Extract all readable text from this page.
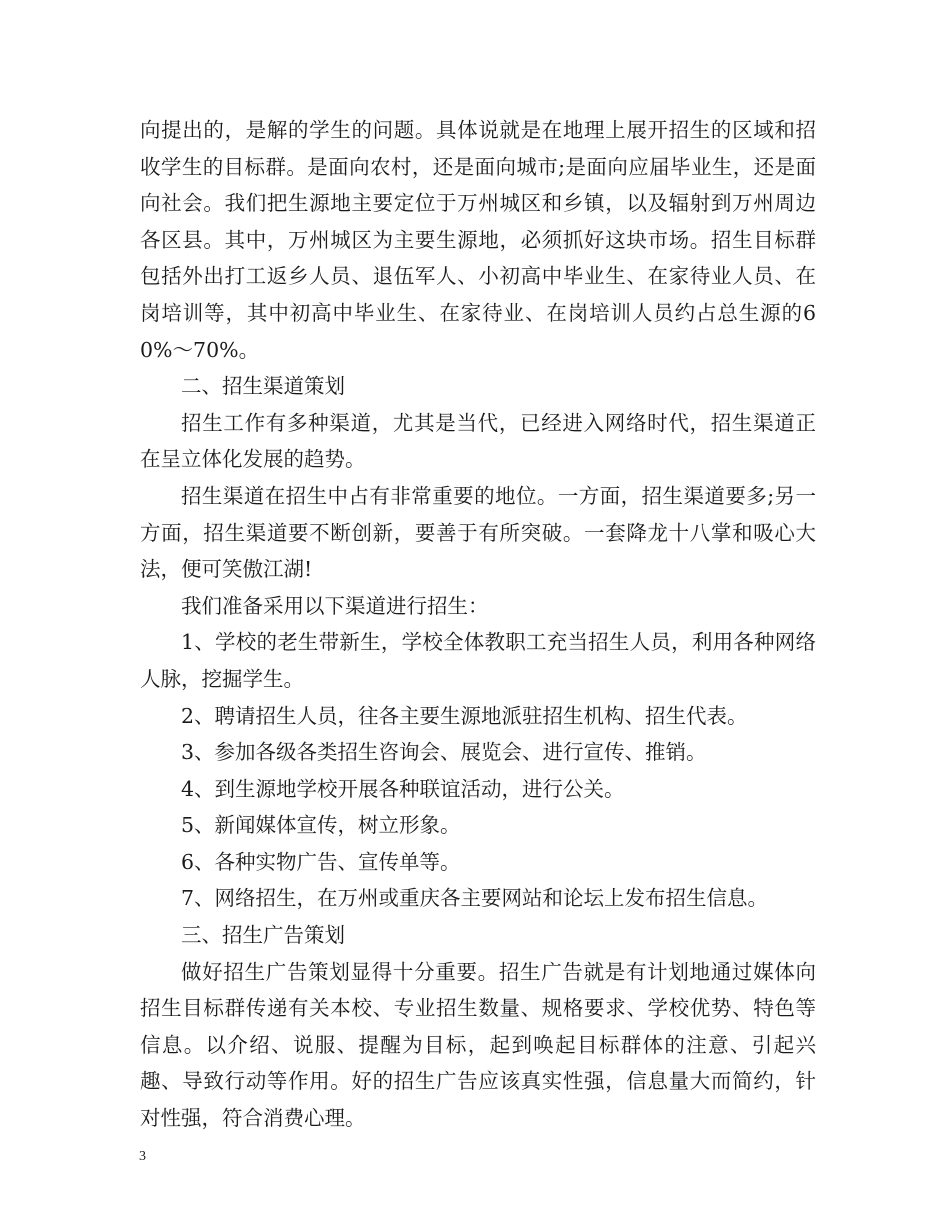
向提出的，是解的学生的问题。具体说就是在地理上展开招生的区域和招收学生的目标群。是面向农村，还是面向城市;是面向应届毕业生，还是面向社会。我们把生源地主要定位于万州城区和乡镇，以及辐射到万州周边各区县。其中，万州城区为主要生源地，必须抓好这块市场。招生目标群包括外出打工返乡人员、退伍军人、小初高中毕业生、在家待业人员、在岗培训等，其中初高中毕业生、在家待业、在岗培训人员约占总生源的60%～70%。

二、招生渠道策划

招生工作有多种渠道，尤其是当代，已经进入网络时代，招生渠道正在呈立体化发展的趋势。

招生渠道在招生中占有非常重要的地位。一方面，招生渠道要多;另一方面，招生渠道要不断创新，要善于有所突破。一套降龙十八掌和吸心大法，便可笑傲江湖!

我们准备采用以下渠道进行招生：

1、学校的老生带新生，学校全体教职工充当招生人员，利用各种网络人脉，挖掘学生。

2、聘请招生人员，往各主要生源地派驻招生机构、招生代表。

3、参加各级各类招生咨询会、展览会、进行宣传、推销。

4、到生源地学校开展各种联谊活动，进行公关。

5、新闻媒体宣传，树立形象。

6、各种实物广告、宣传单等。

7、网络招生，在万州或重庆各主要网站和论坛上发布招生信息。

三、招生广告策划

做好招生广告策划显得十分重要。招生广告就是有计划地通过媒体向招生目标群传递有关本校、专业招生数量、规格要求、学校优势、特色等信息。以介绍、说服、提醒为目标，起到唤起目标群体的注意、引起兴趣、导致行动等作用。好的招生广告应该真实性强，信息量大而简约，针对性强，符合消费心理。

3
